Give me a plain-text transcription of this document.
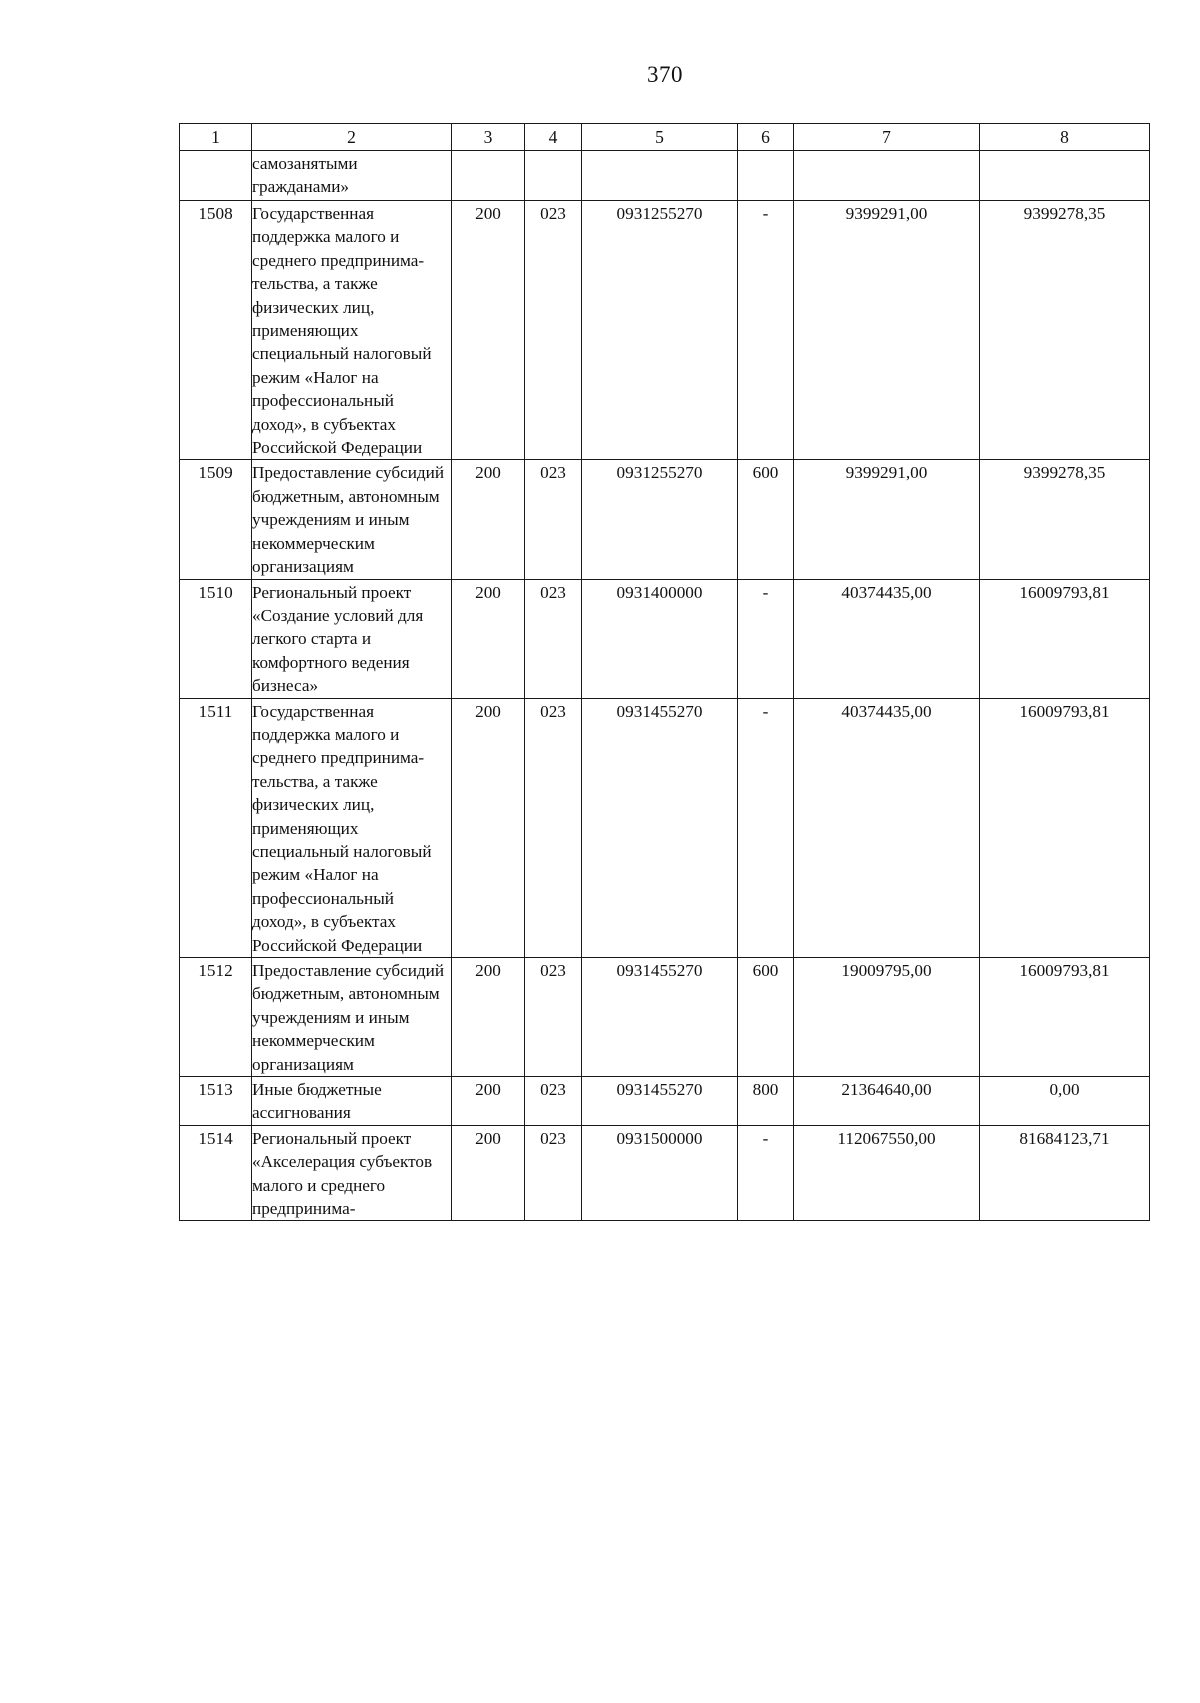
370
1	2	3	4	5	6	7	8
	самозанятыми гражданами»						
1508	Государственная поддержка малого и среднего предпринима-тельства, а также физических лиц, применяющих специальный налоговый режим «Налог на профессиональный доход», в субъектах Российской Федерации	200	023	0931255270	-	9399291,00	9399278,35
1509	Предоставление субсидий бюджетным, автономным учреждениям и иным некоммерческим организациям	200	023	0931255270	600	9399291,00	9399278,35
1510	Региональный проект «Создание условий для легкого старта и комфортного ведения бизнеса»	200	023	0931400000	-	40374435,00	16009793,81
1511	Государственная поддержка малого и среднего предпринима-тельства, а также физических лиц, применяющих специальный налоговый режим «Налог на профессиональный доход», в субъектах Российской Федерации	200	023	0931455270	-	40374435,00	16009793,81
1512	Предоставление субсидий бюджетным, автономным учреждениям и иным некоммерческим организациям	200	023	0931455270	600	19009795,00	16009793,81
1513	Иные бюджетные ассигнования	200	023	0931455270	800	21364640,00	0,00
1514	Региональный проект «Акселерация субъектов малого и среднего предпринима-	200	023	0931500000	-	112067550,00	81684123,71
